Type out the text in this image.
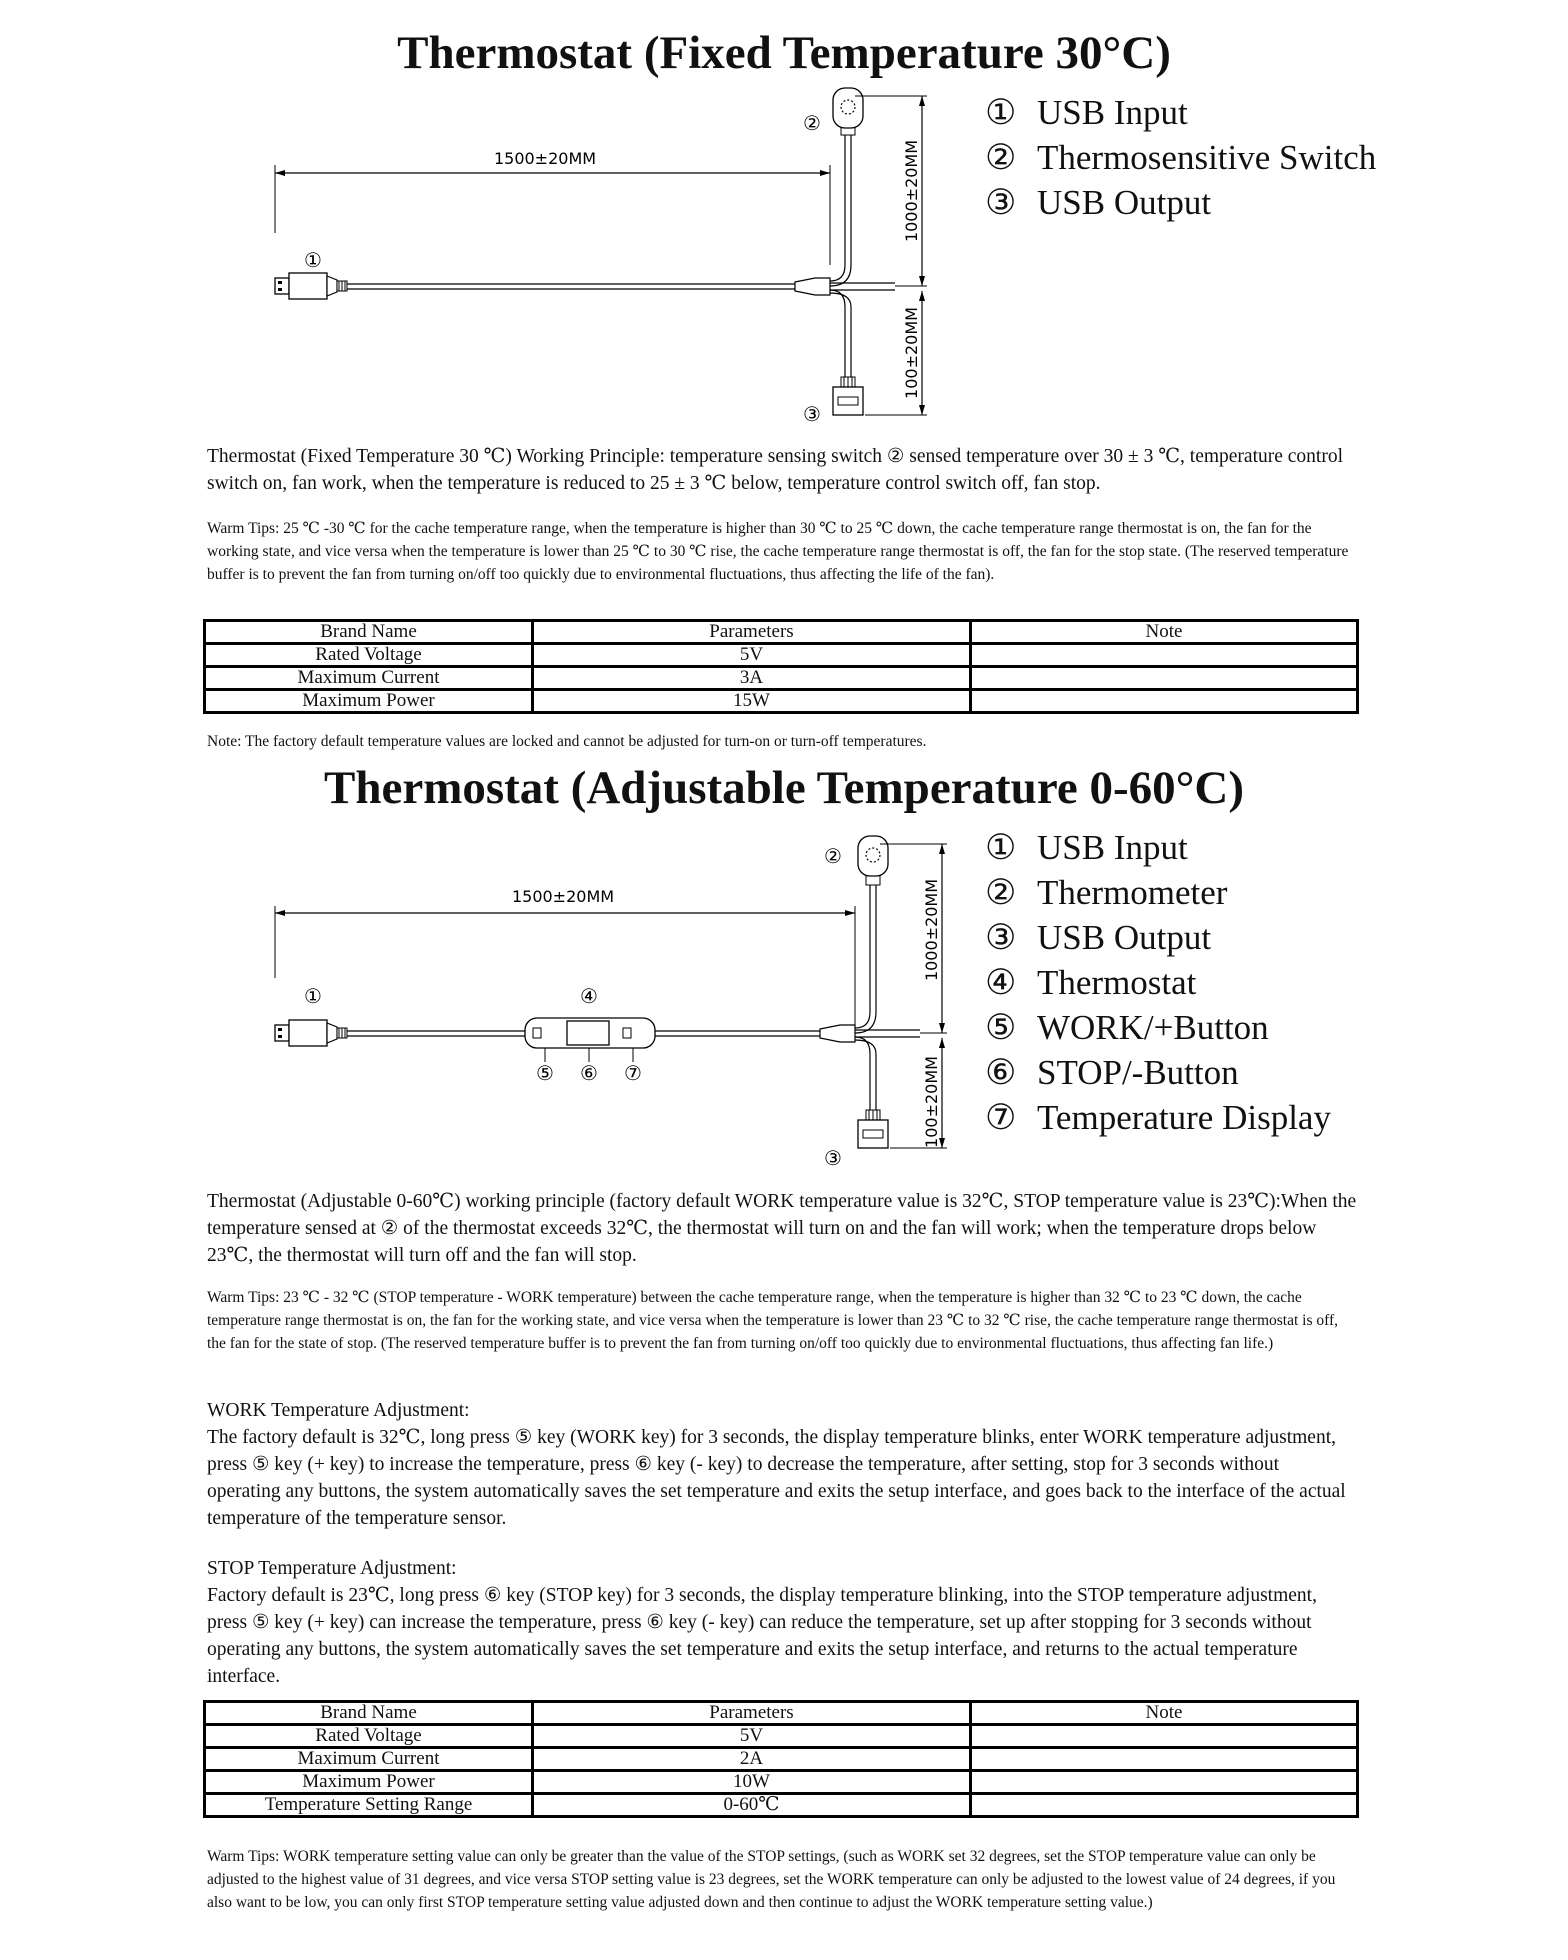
Thermostat (Fixed Temperature 30°C)
1500±20MM
①
②
③
1000±20MM
100±20MM
① USB Input
② Thermosensitive Switch
③ USB Output
Thermostat (Fixed Temperature 30 ℃) Working Principle: temperature sensing switch ② sensed temperature over 30 ± 3 ℃, temperature control switch on, fan work, when the temperature is reduced to 25 ± 3 ℃ below, temperature control switch off, fan stop.
Warm Tips: 25 ℃ -30 ℃ for the cache temperature range, when the temperature is higher than 30 ℃ to 25 ℃ down, the cache temperature range thermostat is on, the fan for the working state, and vice versa when the temperature is lower than 25 ℃ to 30 ℃ rise, the cache temperature range thermostat is off, the fan for the stop state. (The reserved temperature buffer is to prevent the fan from turning on/off too quickly due to environmental fluctuations, thus affecting the life of the fan).
Brand Name	Parameters	Note
Rated Voltage	5V	
Maximum Current	3A	
Maximum Power	15W	
Note: The factory default temperature values are locked and cannot be adjusted for turn-on or turn-off temperatures.
Thermostat (Adjustable Temperature 0-60°C)
1500±20MM
①	④
⑤ ⑥ ⑦
②
③
1000±20MM
100±20MM
① USB Input
② Thermometer
③ USB Output
④ Thermostat
⑤ WORK/+Button
⑥ STOP/-Button
⑦ Temperature Display
Thermostat (Adjustable 0-60℃) working principle (factory default WORK temperature value is 32℃, STOP temperature value is 23℃):When the temperature sensed at ② of the thermostat exceeds 32℃, the thermostat will turn on and the fan will work; when the temperature drops below 23℃, the thermostat will turn off and the fan will stop.
Warm Tips: 23 ℃ - 32 ℃ (STOP temperature - WORK temperature) between the cache temperature range, when the temperature is higher than 32 ℃ to 23 ℃ down, the cache temperature range thermostat is on, the fan for the working state, and vice versa when the temperature is lower than 23 ℃ to 32 ℃ rise, the cache temperature range thermostat is off, the fan for the state of stop. (The reserved temperature buffer is to prevent the fan from turning on/off too quickly due to environmental fluctuations, thus affecting fan life.)
WORK Temperature Adjustment:
The factory default is 32℃, long press ⑤ key (WORK key) for 3 seconds, the display temperature blinks, enter WORK temperature adjustment, press ⑤ key (+ key) to increase the temperature, press ⑥ key (- key) to decrease the temperature, after setting, stop for 3 seconds without operating any buttons, the system automatically saves the set temperature and exits the setup interface, and goes back to the interface of the actual temperature of the temperature sensor.
STOP Temperature Adjustment:
Factory default is 23℃, long press ⑥ key (STOP key) for 3 seconds, the display temperature blinking, into the STOP temperature adjustment, press ⑤ key (+ key) can increase the temperature, press ⑥ key (- key) can reduce the temperature, set up after stopping for 3 seconds without operating any buttons, the system automatically saves the set temperature and exits the setup interface, and returns to the actual temperature interface.
Brand Name	Parameters	Note
Rated Voltage	5V	
Maximum Current	2A	
Maximum Power	10W	
Temperature Setting Range	0-60℃	
Warm Tips: WORK temperature setting value can only be greater than the value of the STOP settings, (such as WORK set 32 degrees, set the STOP temperature value can only be adjusted to the highest value of 31 degrees, and vice versa STOP setting value is 23 degrees, set the WORK temperature can only be adjusted to the lowest value of 24 degrees, if you also want to be low, you can only first STOP temperature setting value adjusted down and then continue to adjust the WORK temperature setting value.)
